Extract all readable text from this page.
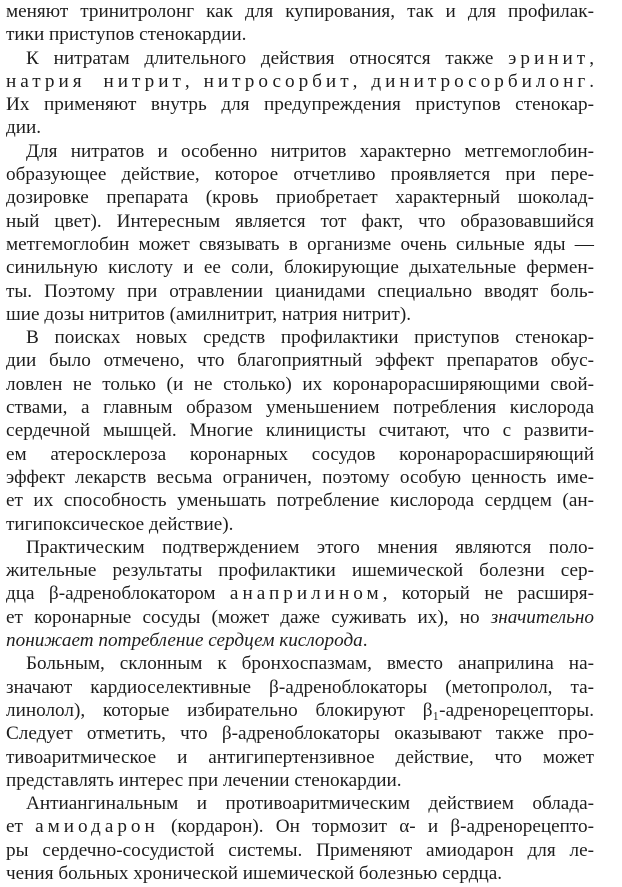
меняют тринитролонг как для купирования, так и для профилак-
тики приступов стенокардии.
К нитратам длительного действия относятся также эринит,
натрия нитрит, нитросорбит, динитросорбилонг.
Их применяют внутрь для предупреждения приступов стенокар-
дии.
Для нитратов и особенно нитритов характерно метгемоглобин-
образующее действие, которое отчетливо проявляется при пере-
дозировке препарата (кровь приобретает характерный шоколад-
ный цвет). Интересным является тот факт, что образовавшийся
метгемоглобин может связывать в организме очень сильные яды —
синильную кислоту и ее соли, блокирующие дыхательные фермен-
ты. Поэтому при отравлении цианидами специально вводят боль-
шие дозы нитритов (амилнитрит, натрия нитрит).
В поисках новых средств профилактики приступов стенокар-
дии было отмечено, что благоприятный эффект препаратов обус-
ловлен не только (и не столько) их коронарорасширяющими свой-
ствами, а главным образом уменьшением потребления кислорода
сердечной мышцей. Многие клиницисты считают, что с развити-
ем атеросклероза коронарных сосудов коронарорасширяющий
эффект лекарств весьма ограничен, поэтому особую ценность име-
ет их способность уменьшать потребление кислорода сердцем (ан-
тигипоксическое действие).
Практическим подтверждением этого мнения являются поло-
жительные результаты профилактики ишемической болезни сер-
дца β-адреноблокатором анаприлином, который не расширя-
ет коронарные сосуды (может даже суживать их), но значительно
понижает потребление сердцем кислорода.
Больным, склонным к бронхоспазмам, вместо анаприлина на-
значают кардиоселективные β-адреноблокаторы (метопролол, та-
линолол), которые избирательно блокируют β₁-адренорецепторы.
Следует отметить, что β-адреноблокаторы оказывают также про-
тивоаритмическое и антигипертензивное действие, что может
представлять интерес при лечении стенокардии.
Антиангинальным и противоаритмическим действием облада-
ет амиодарон (кордарон). Он тормозит α- и β-адренорецепто-
ры сердечно-сосудистой системы. Применяют амиодарон для ле-
чения больных хронической ишемической болезнью сердца.
